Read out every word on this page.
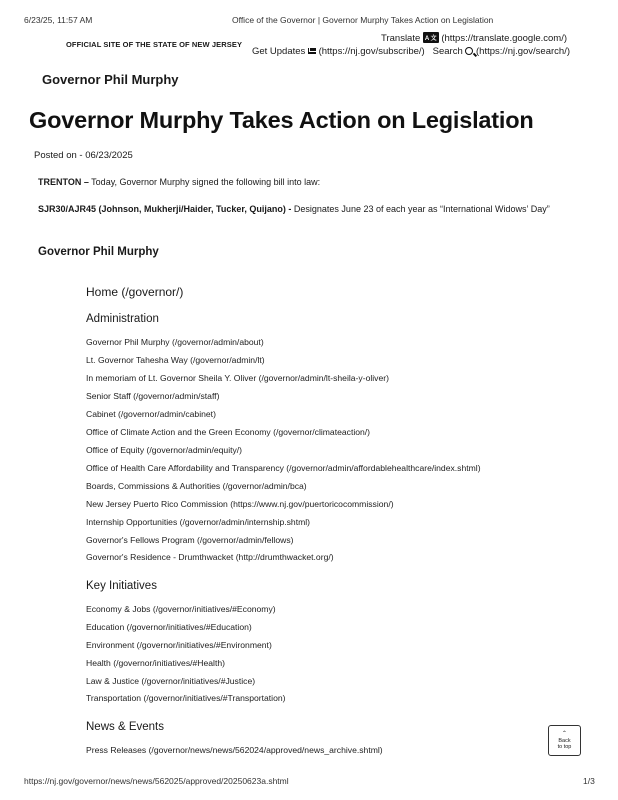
6/23/25, 11:57 AM	Office of the Governor | Governor Murphy Takes Action on Legislation
OFFICIAL SITE OF THE STATE OF NEW JERSEY
Translate A 文 (https://translate.google.com/)
Get Updates (https://nj.gov/subscribe/) Search (https://nj.gov/search/)
Governor Phil Murphy
Governor Murphy Takes Action on Legislation
Posted on - 06/23/2025
TRENTON – Today, Governor Murphy signed the following bill into law:
SJR30/AJR45 (Johnson, Mukherji/Haider, Tucker, Quijano) - Designates June 23 of each year as “International Widows’ Day”
Governor Phil Murphy
Home (/governor/)
Administration
Governor Phil Murphy (/governor/admin/about)
Lt. Governor Tahesha Way (/governor/admin/lt)
In memoriam of Lt. Governor Sheila Y. Oliver (/governor/admin/lt-sheila-y-oliver)
Senior Staff (/governor/admin/staff)
Cabinet (/governor/admin/cabinet)
Office of Climate Action and the Green Economy (/governor/climateaction/)
Office of Equity (/governor/admin/equity/)
Office of Health Care Affordability and Transparency (/governor/admin/affordablehealthcare/index.shtml)
Boards, Commissions & Authorities (/governor/admin/bca)
New Jersey Puerto Rico Commission (https://www.nj.gov/puertoricocommission/)
Internship Opportunities (/governor/admin/internship.shtml)
Governor's Fellows Program (/governor/admin/fellows)
Governor's Residence - Drumthwacket (http://drumthwacket.org/)
Key Initiatives
Economy & Jobs (/governor/initiatives/#Economy)
Education (/governor/initiatives/#Education)
Environment (/governor/initiatives/#Environment)
Health (/governor/initiatives/#Health)
Law & Justice (/governor/initiatives/#Justice)
Transportation (/governor/initiatives/#Transportation)
News & Events
Press Releases (/governor/news/news/562024/approved/news_archive.shtml)
ˆ
Back
to top
https://nj.gov/governor/news/news/562025/approved/20250623a.shtml	1/3
